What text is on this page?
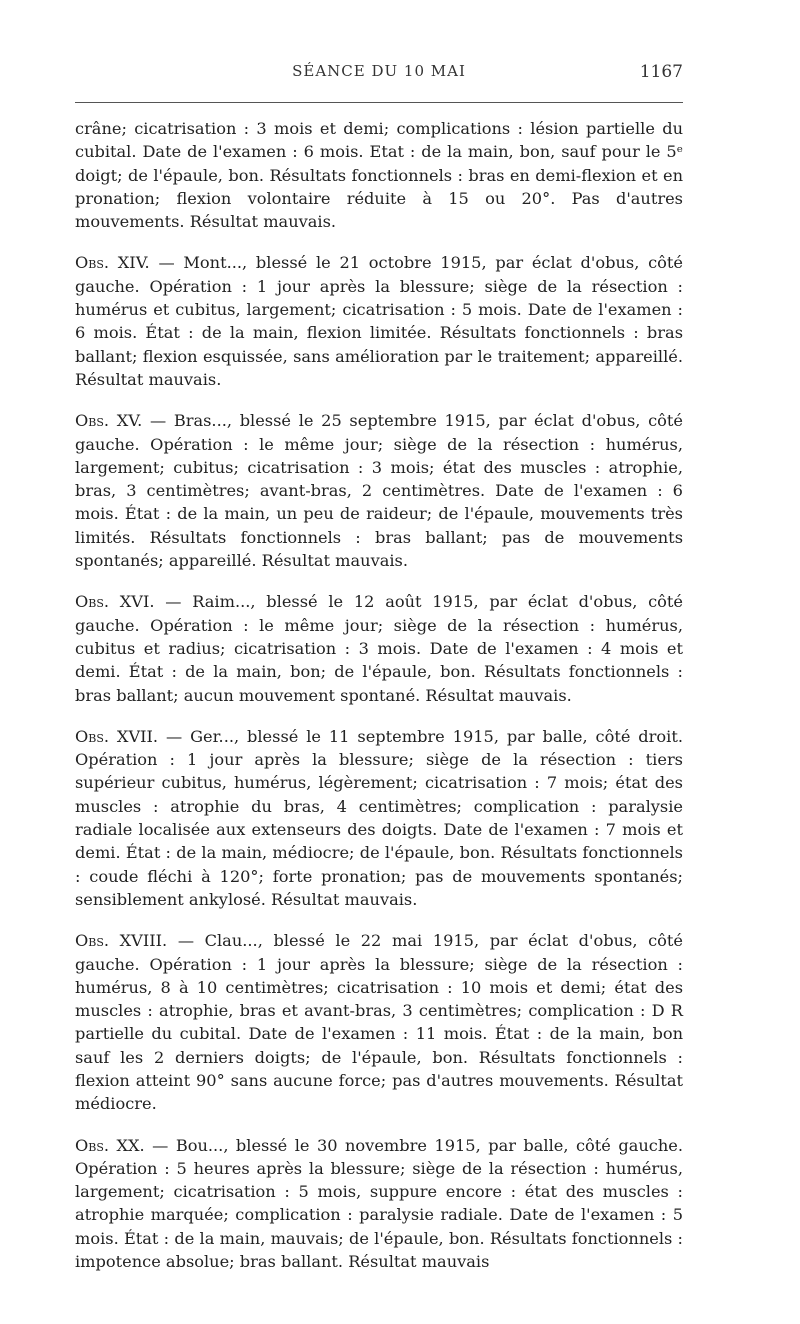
SÉANCE DU 10 MAI	1167

crâne; cicatrisation : 3 mois et demi; complications : lésion partielle du cubital. Date de l'examen : 6 mois. Etat : de la main, bon, sauf pour le 5ᵉ doigt; de l'épaule, bon. Résultats fonctionnels : bras en demi-flexion et en pronation; flexion volontaire réduite à 15 ou 20°. Pas d'autres mouvements. Résultat mauvais.

Obs. XIV. — Mont..., blessé le 21 octobre 1915, par éclat d'obus, côté gauche. Opération : 1 jour après la blessure; siège de la résection : humérus et cubitus, largement; cicatrisation : 5 mois. Date de l'examen : 6 mois. État : de la main, flexion limitée. Résultats fonctionnels : bras ballant; flexion esquissée, sans amélioration par le traitement; appareillé. Résultat mauvais.

Obs. XV. — Bras..., blessé le 25 septembre 1915, par éclat d'obus, côté gauche. Opération : le même jour; siège de la résection : humérus, largement; cubitus; cicatrisation : 3 mois; état des muscles : atrophie, bras, 3 centimètres; avant-bras, 2 centimètres. Date de l'examen : 6 mois. État : de la main, un peu de raideur; de l'épaule, mouvements très limités. Résultats fonctionnels : bras ballant; pas de mouvements spontanés; appareillé. Résultat mauvais.

Obs. XVI. — Raim..., blessé le 12 août 1915, par éclat d'obus, côté gauche. Opération : le même jour; siège de la résection : humérus, cubitus et radius; cicatrisation : 3 mois. Date de l'examen : 4 mois et demi. État : de la main, bon; de l'épaule, bon. Résultats fonctionnels : bras ballant; aucun mouvement spontané. Résultat mauvais.

Obs. XVII. — Ger..., blessé le 11 septembre 1915, par balle, côté droit. Opération : 1 jour après la blessure; siège de la résection : tiers supérieur cubitus, humérus, légèrement; cicatrisation : 7 mois; état des muscles : atrophie du bras, 4 centimètres; complication : paralysie radiale localisée aux extenseurs des doigts. Date de l'examen : 7 mois et demi. État : de la main, médiocre; de l'épaule, bon. Résultats fonctionnels : coude fléchi à 120°; forte pronation; pas de mouvements spontanés; sensiblement ankylosé. Résultat mauvais.

Obs. XVIII. — Clau..., blessé le 22 mai 1915, par éclat d'obus, côté gauche. Opération : 1 jour après la blessure; siège de la résection : humérus, 8 à 10 centimètres; cicatrisation : 10 mois et demi; état des muscles : atrophie, bras et avant-bras, 3 centimètres; complication : D R partielle du cubital. Date de l'examen : 11 mois. État : de la main, bon sauf les 2 derniers doigts; de l'épaule, bon. Résultats fonctionnels : flexion atteint 90° sans aucune force; pas d'autres mouvements. Résultat médiocre.

Obs. XX. — Bou..., blessé le 30 novembre 1915, par balle, côté gauche. Opération : 5 heures après la blessure; siège de la résection : humérus, largement; cicatrisation : 5 mois, suppure encore : état des muscles : atrophie marquée; complication : paralysie radiale. Date de l'examen : 5 mois. État : de la main, mauvais; de l'épaule, bon. Résultats fonctionnels : impotence absolue; bras ballant. Résultat mauvais
